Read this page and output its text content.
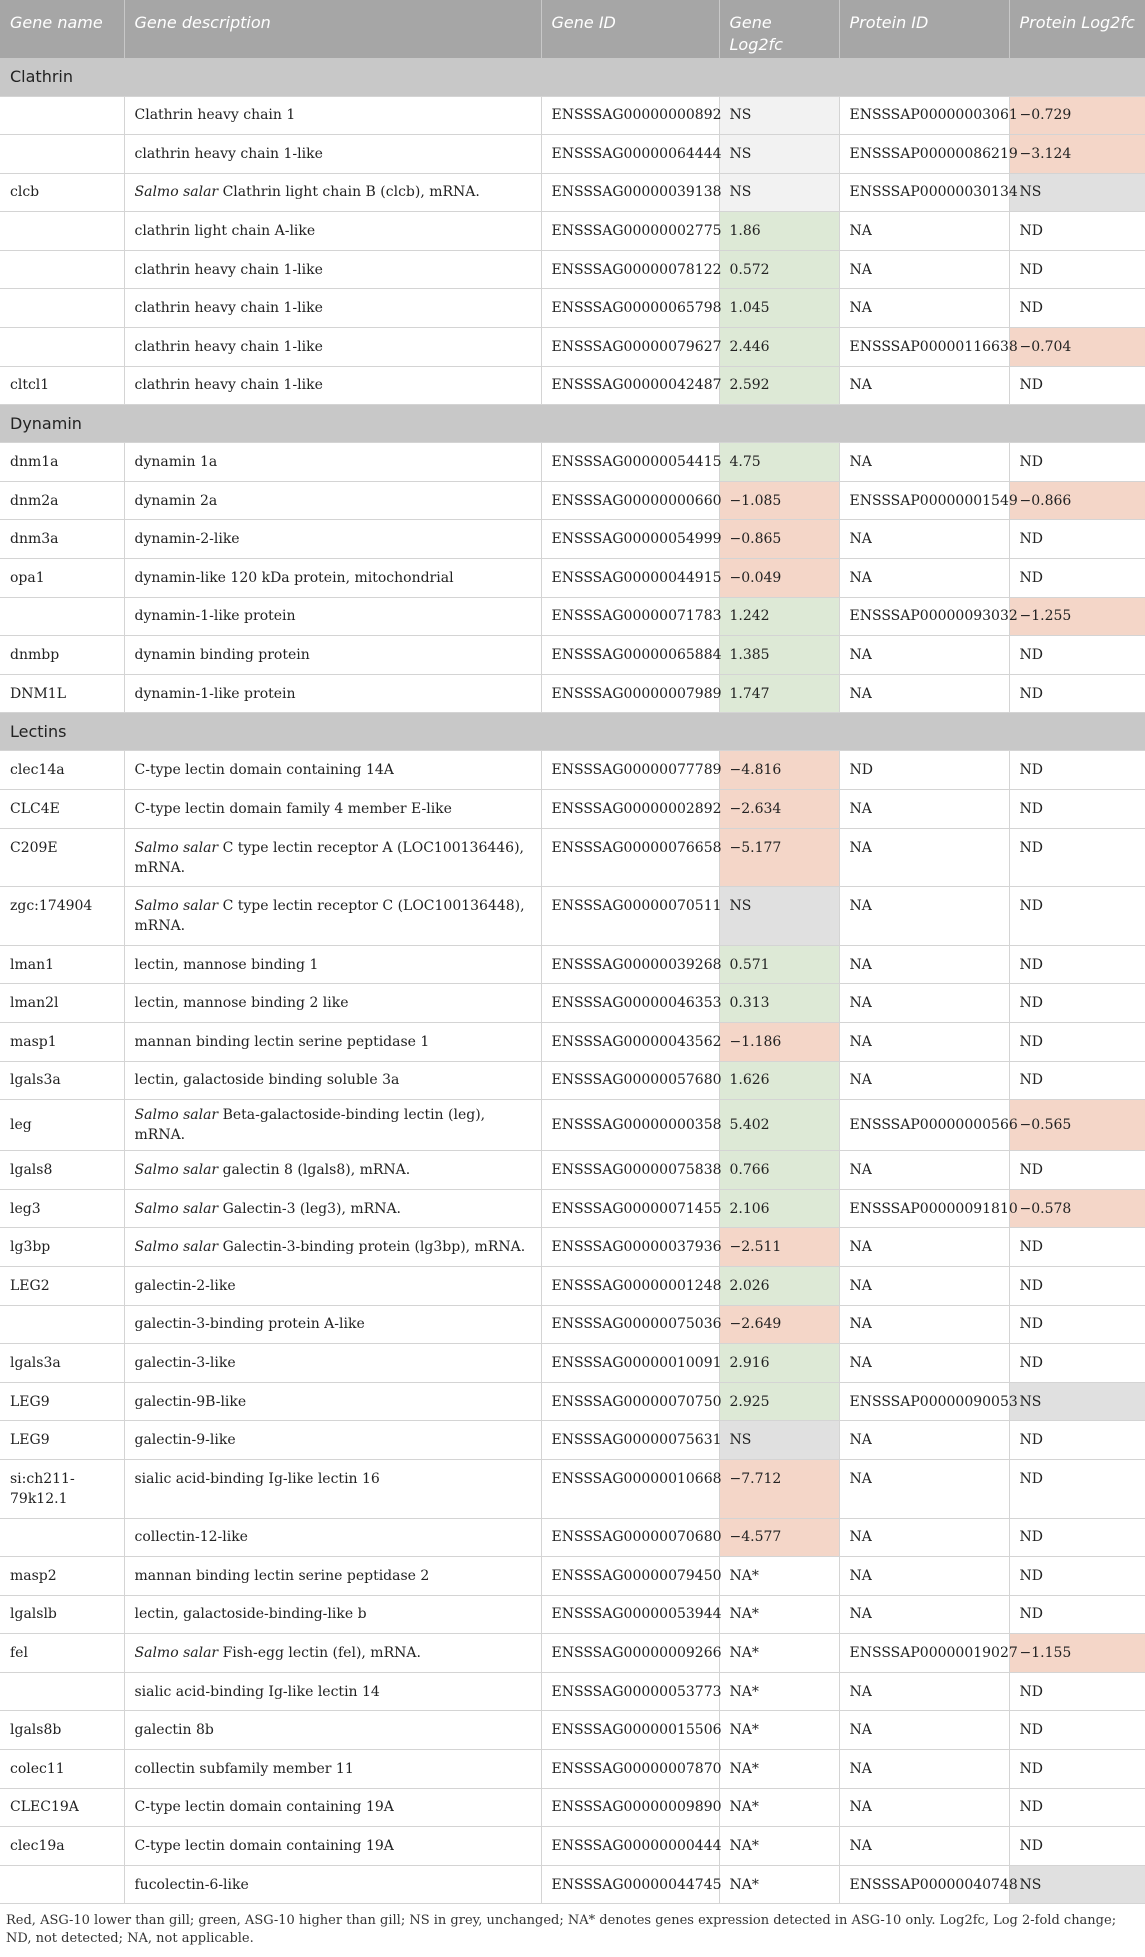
Gene name	Gene description	Gene ID	Gene Log2fc	Protein ID	Protein Log2fc
Clathrin					
	Clathrin heavy chain 1	ENSSSAG00000000892	NS	ENSSSAP00000003061	−0.729
	clathrin heavy chain 1-like	ENSSSAG00000064444	NS	ENSSSAP00000086219	−3.124
clcb	Salmo salar Clathrin light chain B (clcb), mRNA.	ENSSSAG00000039138	NS	ENSSSAP00000030134	NS
	clathrin light chain A-like	ENSSSAG00000002775	1.86	NA	ND
	clathrin heavy chain 1-like	ENSSSAG00000078122	0.572	NA	ND
	clathrin heavy chain 1-like	ENSSSAG00000065798	1.045	NA	ND
	clathrin heavy chain 1-like	ENSSSAG00000079627	2.446	ENSSSAP00000116638	−0.704
cltcl1	clathrin heavy chain 1-like	ENSSSAG00000042487	2.592	NA	ND
Dynamin					
dnm1a	dynamin 1a	ENSSSAG00000054415	4.75	NA	ND
dnm2a	dynamin 2a	ENSSSAG00000000660	−1.085	ENSSSAP00000001549	−0.866
dnm3a	dynamin-2-like	ENSSSAG00000054999	−0.865	NA	ND
opa1	dynamin-like 120 kDa protein, mitochondrial	ENSSSAG00000044915	−0.049	NA	ND
	dynamin-1-like protein	ENSSSAG00000071783	1.242	ENSSSAP00000093032	−1.255
dnmbp	dynamin binding protein	ENSSSAG00000065884	1.385	NA	ND
DNM1L	dynamin-1-like protein	ENSSSAG00000007989	1.747	NA	ND
Lectins					
clec14a	C-type lectin domain containing 14A	ENSSSAG00000077789	−4.816	ND	ND
CLC4E	C-type lectin domain family 4 member E-like	ENSSSAG00000002892	−2.634	NA	ND
C209E	Salmo salar C type lectin receptor A (LOC100136446), mRNA.	ENSSSAG00000076658	−5.177	NA	ND
zgc:174904	Salmo salar C type lectin receptor C (LOC100136448), mRNA.	ENSSSAG00000070511	NS	NA	ND
lman1	lectin, mannose binding 1	ENSSSAG00000039268	0.571	NA	ND
lman2l	lectin, mannose binding 2 like	ENSSSAG00000046353	0.313	NA	ND
masp1	mannan binding lectin serine peptidase 1	ENSSSAG00000043562	−1.186	NA	ND
lgals3a	lectin, galactoside binding soluble 3a	ENSSSAG00000057680	1.626	NA	ND
leg	Salmo salar Beta-galactoside-binding lectin (leg), mRNA.	ENSSSAG00000000358	5.402	ENSSSAP00000000566	−0.565
lgals8	Salmo salar galectin 8 (lgals8), mRNA.	ENSSSAG00000075838	0.766	NA	ND
leg3	Salmo salar Galectin-3 (leg3), mRNA.	ENSSSAG00000071455	2.106	ENSSSAP00000091810	−0.578
lg3bp	Salmo salar Galectin-3-binding protein (lg3bp), mRNA.	ENSSSAG00000037936	−2.511	NA	ND
LEG2	galectin-2-like	ENSSSAG00000001248	2.026	NA	ND
	galectin-3-binding protein A-like	ENSSSAG00000075036	−2.649	NA	ND
lgals3a	galectin-3-like	ENSSSAG00000010091	2.916	NA	ND
LEG9	galectin-9B-like	ENSSSAG00000070750	2.925	ENSSSAP00000090053	NS
LEG9	galectin-9-like	ENSSSAG00000075631	NS	NA	ND
si:ch211-79k12.1	sialic acid-binding Ig-like lectin 16	ENSSSAG00000010668	−7.712	NA	ND
	collectin-12-like	ENSSSAG00000070680	−4.577	NA	ND
masp2	mannan binding lectin serine peptidase 2	ENSSSAG00000079450	NA*	NA	ND
lgalslb	lectin, galactoside-binding-like b	ENSSSAG00000053944	NA*	NA	ND
fel	Salmo salar Fish-egg lectin (fel), mRNA.	ENSSSAG00000009266	NA*	ENSSSAP00000019027	−1.155
	sialic acid-binding Ig-like lectin 14	ENSSSAG00000053773	NA*	NA	ND
lgals8b	galectin 8b	ENSSSAG00000015506	NA*	NA	ND
colec11	collectin subfamily member 11	ENSSSAG00000007870	NA*	NA	ND
CLEC19A	C-type lectin domain containing 19A	ENSSSAG00000009890	NA*	NA	ND
clec19a	C-type lectin domain containing 19A	ENSSSAG00000000444	NA*	NA	ND
	fucolectin-6-like	ENSSSAG00000044745	NA*	ENSSSAP00000040748	NS
Red, ASG-10 lower than gill; green, ASG-10 higher than gill; NS in grey, unchanged; NA* denotes genes expression detected in ASG-10 only. Log2fc, Log 2-fold change; ND, not detected; NA, not applicable.
